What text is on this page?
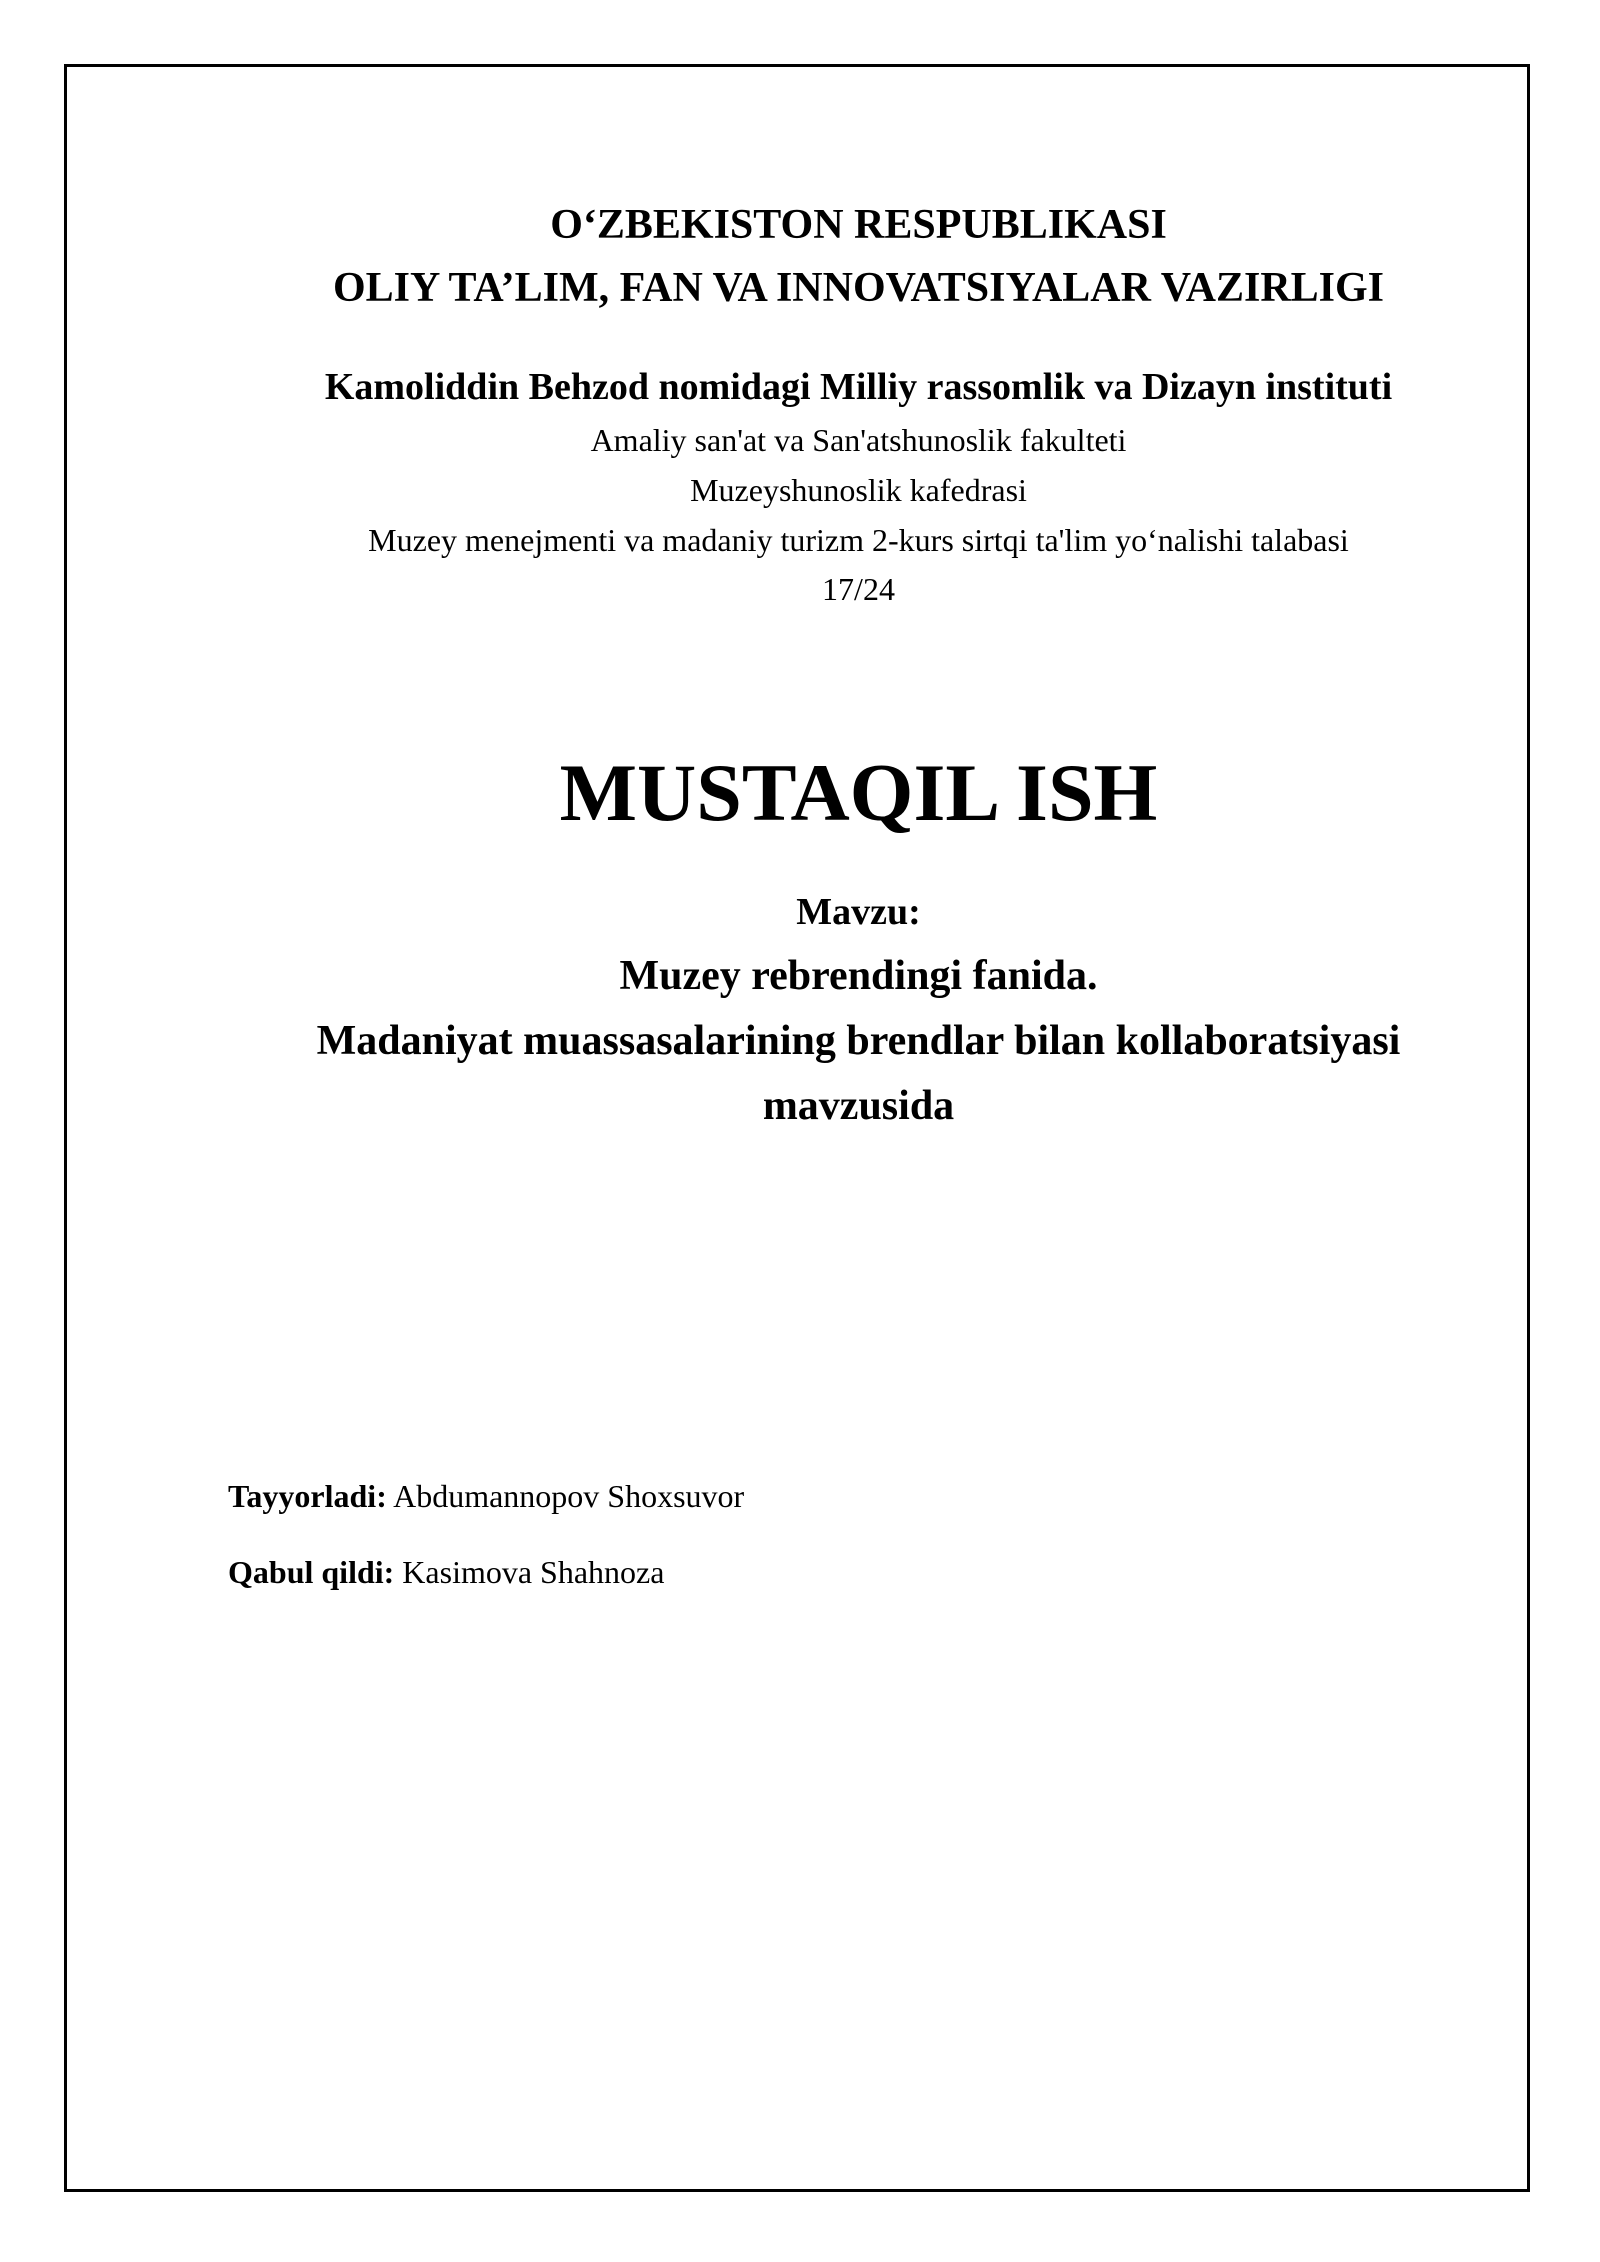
O‘ZBEKISTON RESPUBLIKASI

OLIY TA’LIM, FAN VA INNOVATSIYALAR VAZIRLIGI

Kamoliddin Behzod nomidagi Milliy rassomlik va Dizayn instituti

Amaliy san'at va San'atshunoslik fakulteti

Muzeyshunoslik kafedrasi

Muzey menejmenti va madaniy turizm 2-kurs sirtqi ta'lim yo‘nalishi talabasi

17/24

MUSTAQIL ISH

Mavzu:

Muzey rebrendingi fanida.

Madaniyat muassasalarining brendlar bilan kollaboratsiyasi

mavzusida

Tayyorladi: Abdumannopov Shoxsuvor

Qabul qildi: Kasimova Shahnoza
